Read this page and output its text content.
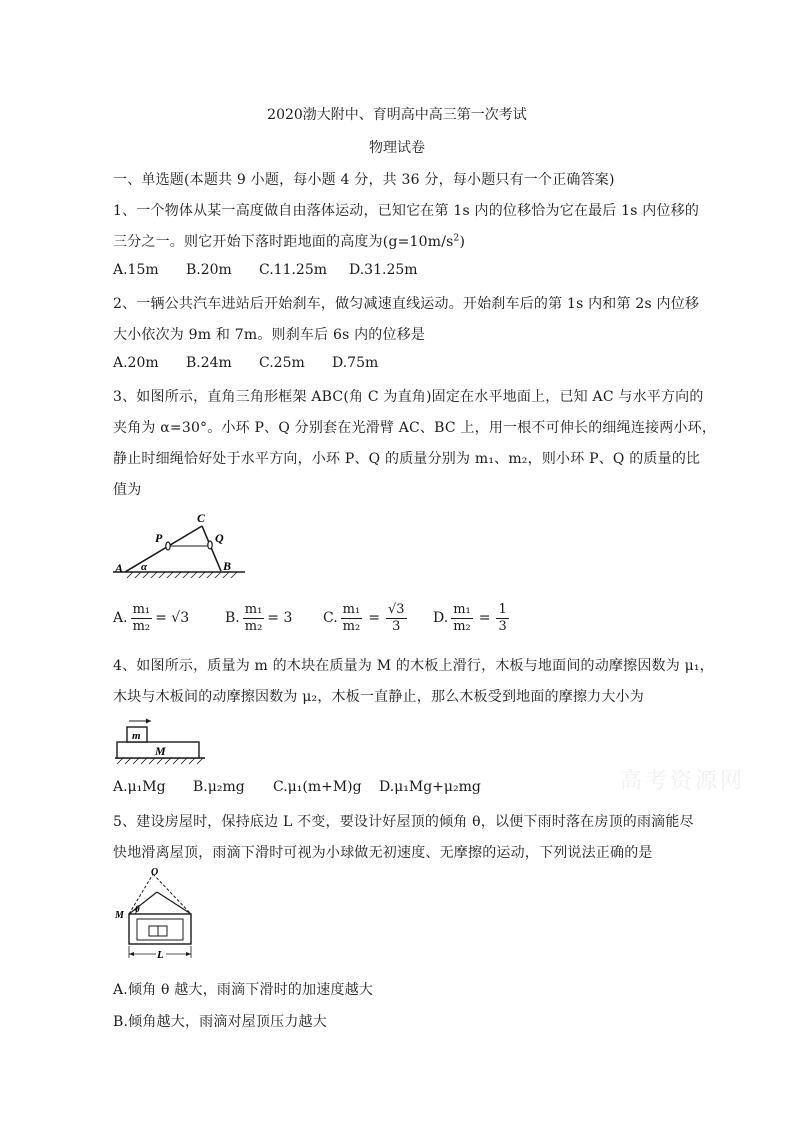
2020渤大附中、育明高中高三第一次考试
物理试卷
一、单选题(本题共 9 小题，每小题 4 分，共 36 分，每小题只有一个正确答案)
1、一个物体从某一高度做自由落体运动，已知它在第 1s 内的位移恰为它在最后 1s 内位移的
三分之一。则它开始下落时距地面的高度为$(g=10m/s^2)$
A.15m B.20m C.11.25m D.31.25m
2、一辆公共汽车进站后开始刹车，做匀减速直线运动。开始刹车后的第 1s 内和第 2s 内位移
大小依次为 9m 和 7m。则刹车后 6s 内的位移是
A.20m B.24m C.25m D.75m
3、如图所示，直角三角形框架 ABC(角 C 为直角)固定在水平地面上，已知 AC 与水平方向的
夹角为 α=30°。小环 P、Q 分别套在光滑臂 AC、BC 上，用一根不可伸长的细绳连接两小环，
静止时细绳恰好处于水平方向，小环 P、Q 的质量分别为 m₁、m₂，则小环 P、Q 的质量的比
值为
A	B
C
P	Q
α
A. $\frac{\text{m₁}}{\text{m₂}} = √3$	B. $\frac{\text{m₁}}{\text{m₂}} = 3$ C. $\frac{\text{m₁}}{\text{m₂}} = \frac{√3}{3} D$. $\frac{\text{m₁}}{\text{m₂}} = \frac{1}{3}$
4、如图所示，质量为 m 的木块在质量为 M 的木板上滑行，木板与地面间的动摩擦因数为 μ₁，
木块与木板间的动摩擦因数为 μ₂，木板一直静止，那么木板受到地面的摩擦力大小为
m
M
A.μ₁Mg B.μ₂mg C.μ₁(m+M)g D.μ₁Mg+μ₂mg
5、建设房屋时，保持底边 L 不变，要设计好屋顶的倾角 θ，以便下雨时落在房顶的雨滴能尽
快地滑离屋顶，雨滴下滑时可视为小球做无初速度、无摩擦的运动，下列说法正确的是
L
O
M
θ
A.倾角 θ 越大，雨滴下滑时的加速度越大
B.倾角越大，雨滴对屋顶压力越大
高考资源网
